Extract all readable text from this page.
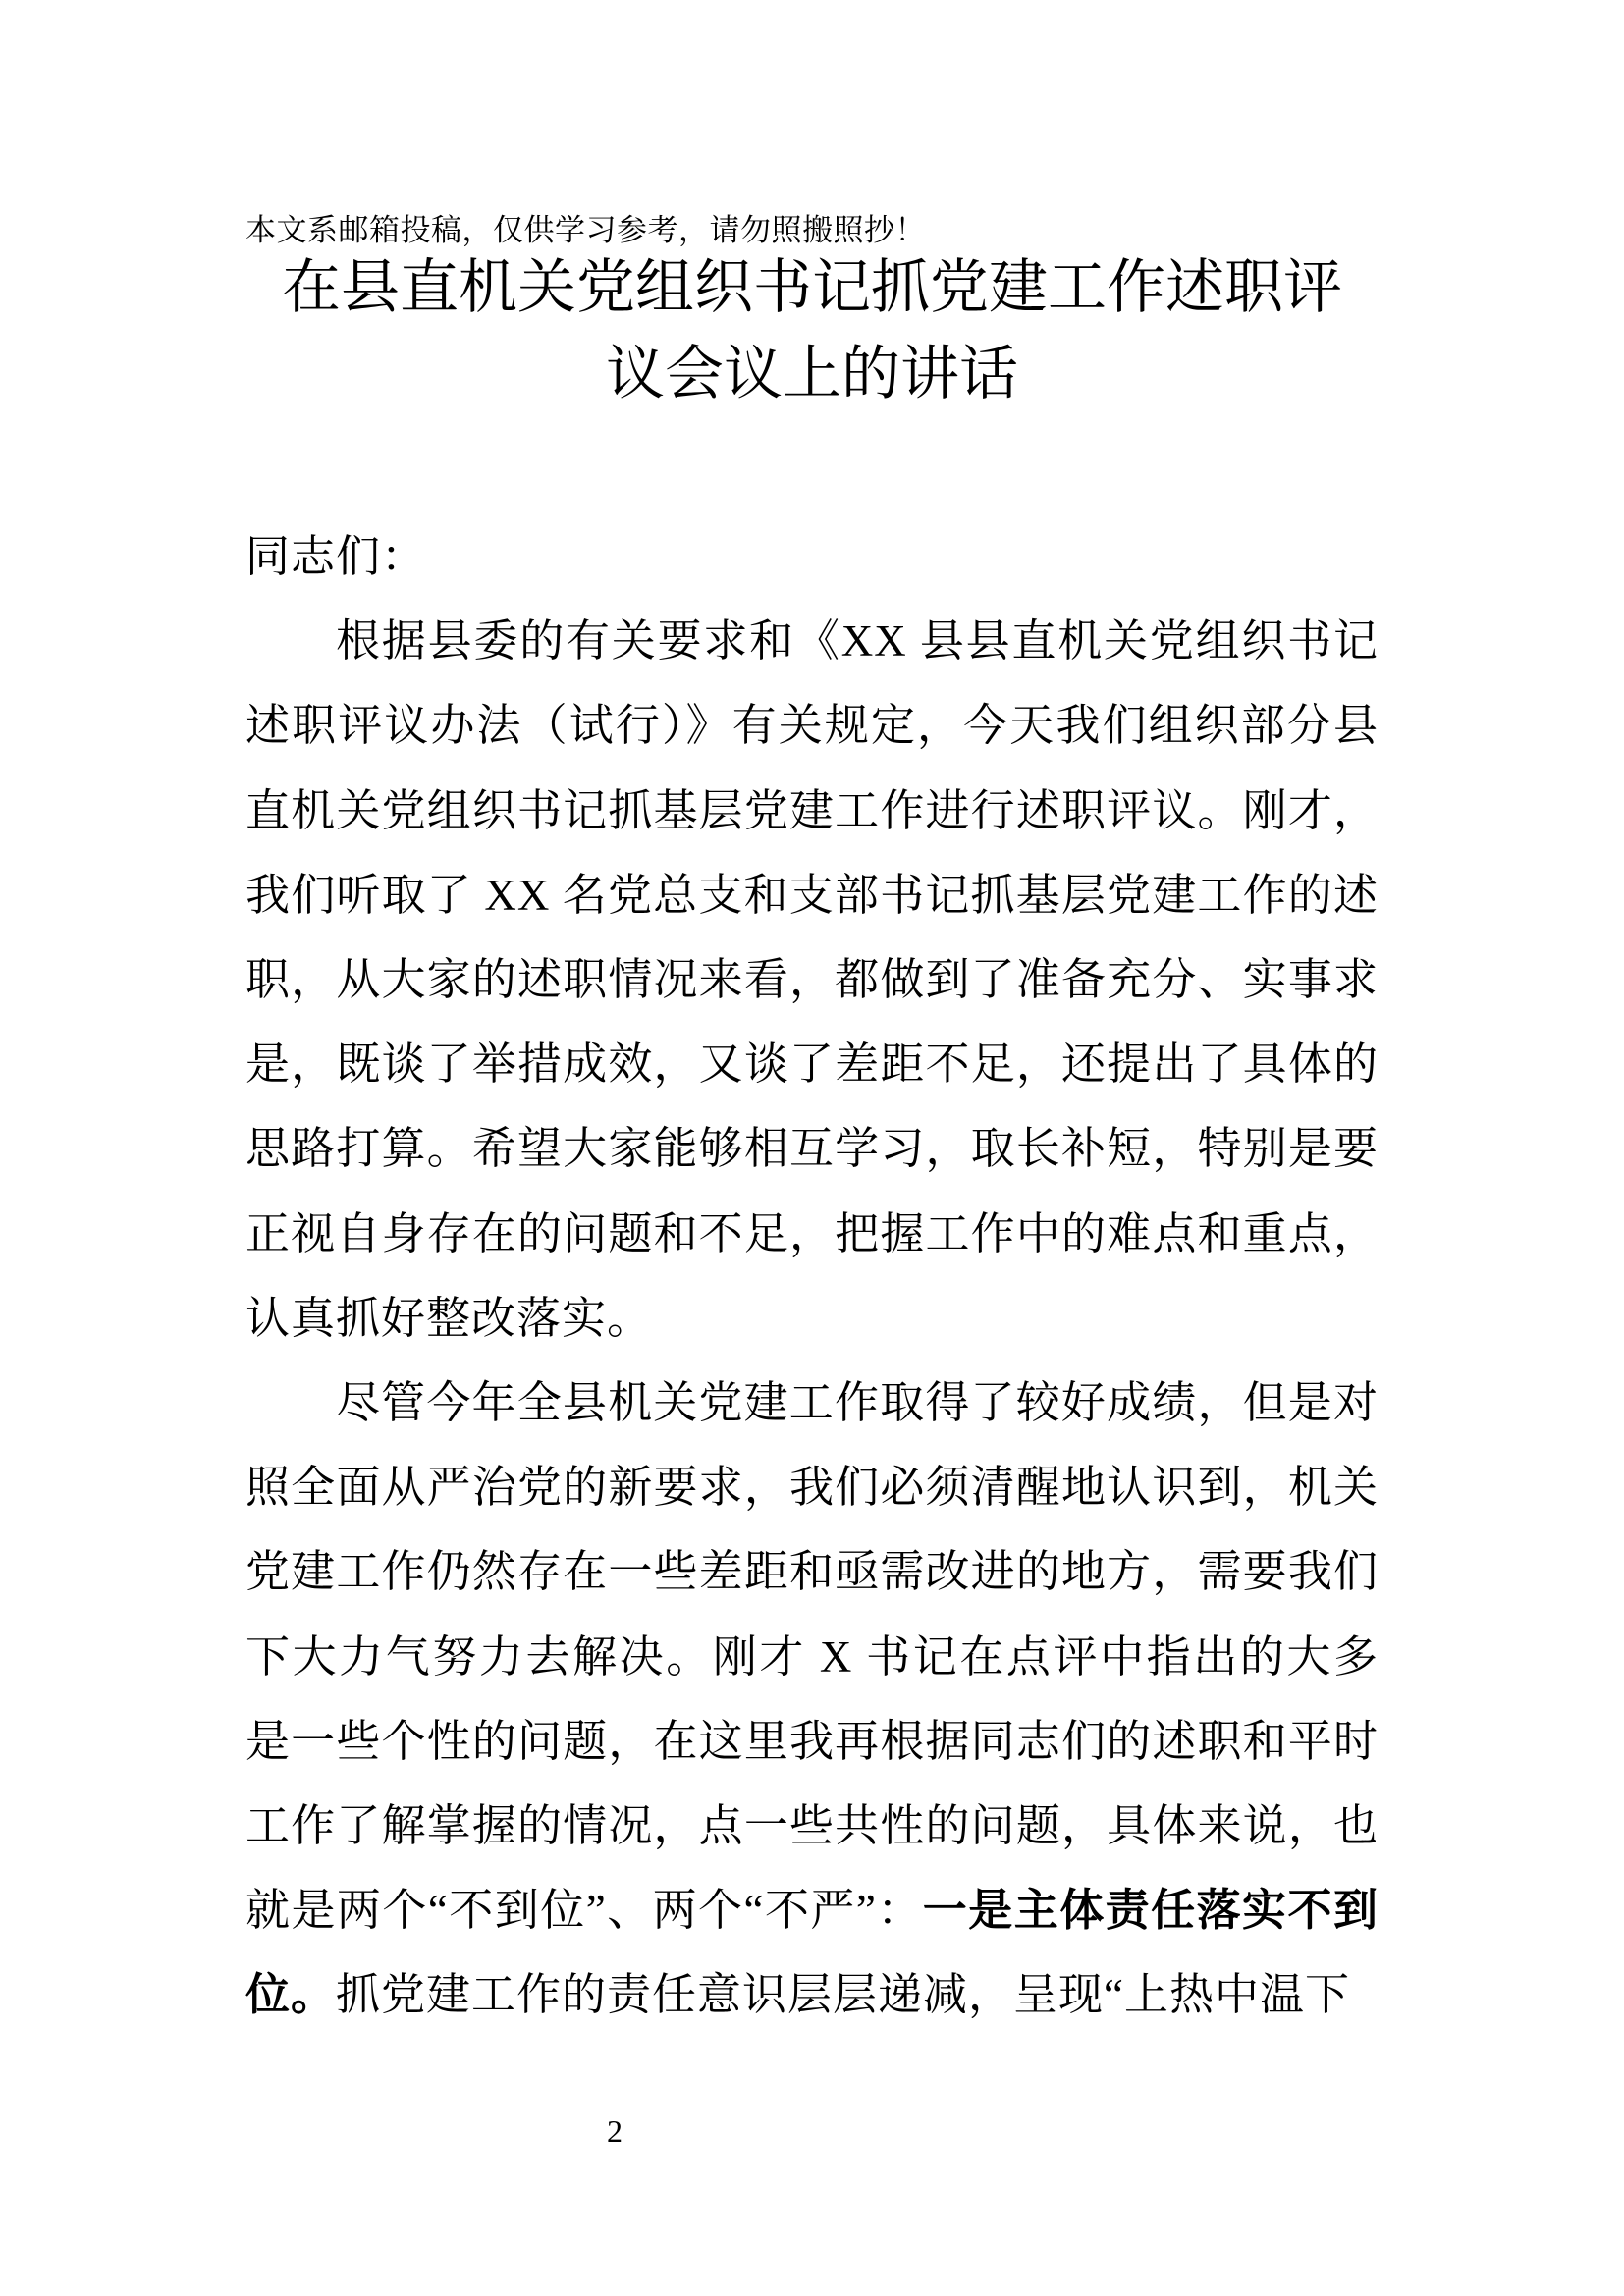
本文系邮箱投稿，仅供学习参考，请勿照搬照抄！
在县直机关党组织书记抓党建工作述职评
议会议上的讲话

同志们：

根据县委的有关要求和《XX 县县直机关党组织书记述职评议办法（试行）》有关规定，今天我们组织部分县直机关党组织书记抓基层党建工作进行述职评议。刚才，我们听取了 XX 名党总支和支部书记抓基层党建工作的述职，从大家的述职情况来看，都做到了准备充分、实事求是，既谈了举措成效，又谈了差距不足，还提出了具体的思路打算。希望大家能够相互学习，取长补短，特别是要正视自身存在的问题和不足，把握工作中的难点和重点，认真抓好整改落实。

尽管今年全县机关党建工作取得了较好成绩，但是对照全面从严治党的新要求，我们必须清醒地认识到，机关党建工作仍然存在一些差距和亟需改进的地方，需要我们下大力气努力去解决。刚才 X 书记在点评中指出的大多是一些个性的问题，在这里我再根据同志们的述职和平时工作了解掌握的情况，点一些共性的问题，具体来说，也就是两个“不到位”、两个“不严”：一是主体责任落实不到位。抓党建工作的责任意识层层递减，呈现“上热中温下

2
